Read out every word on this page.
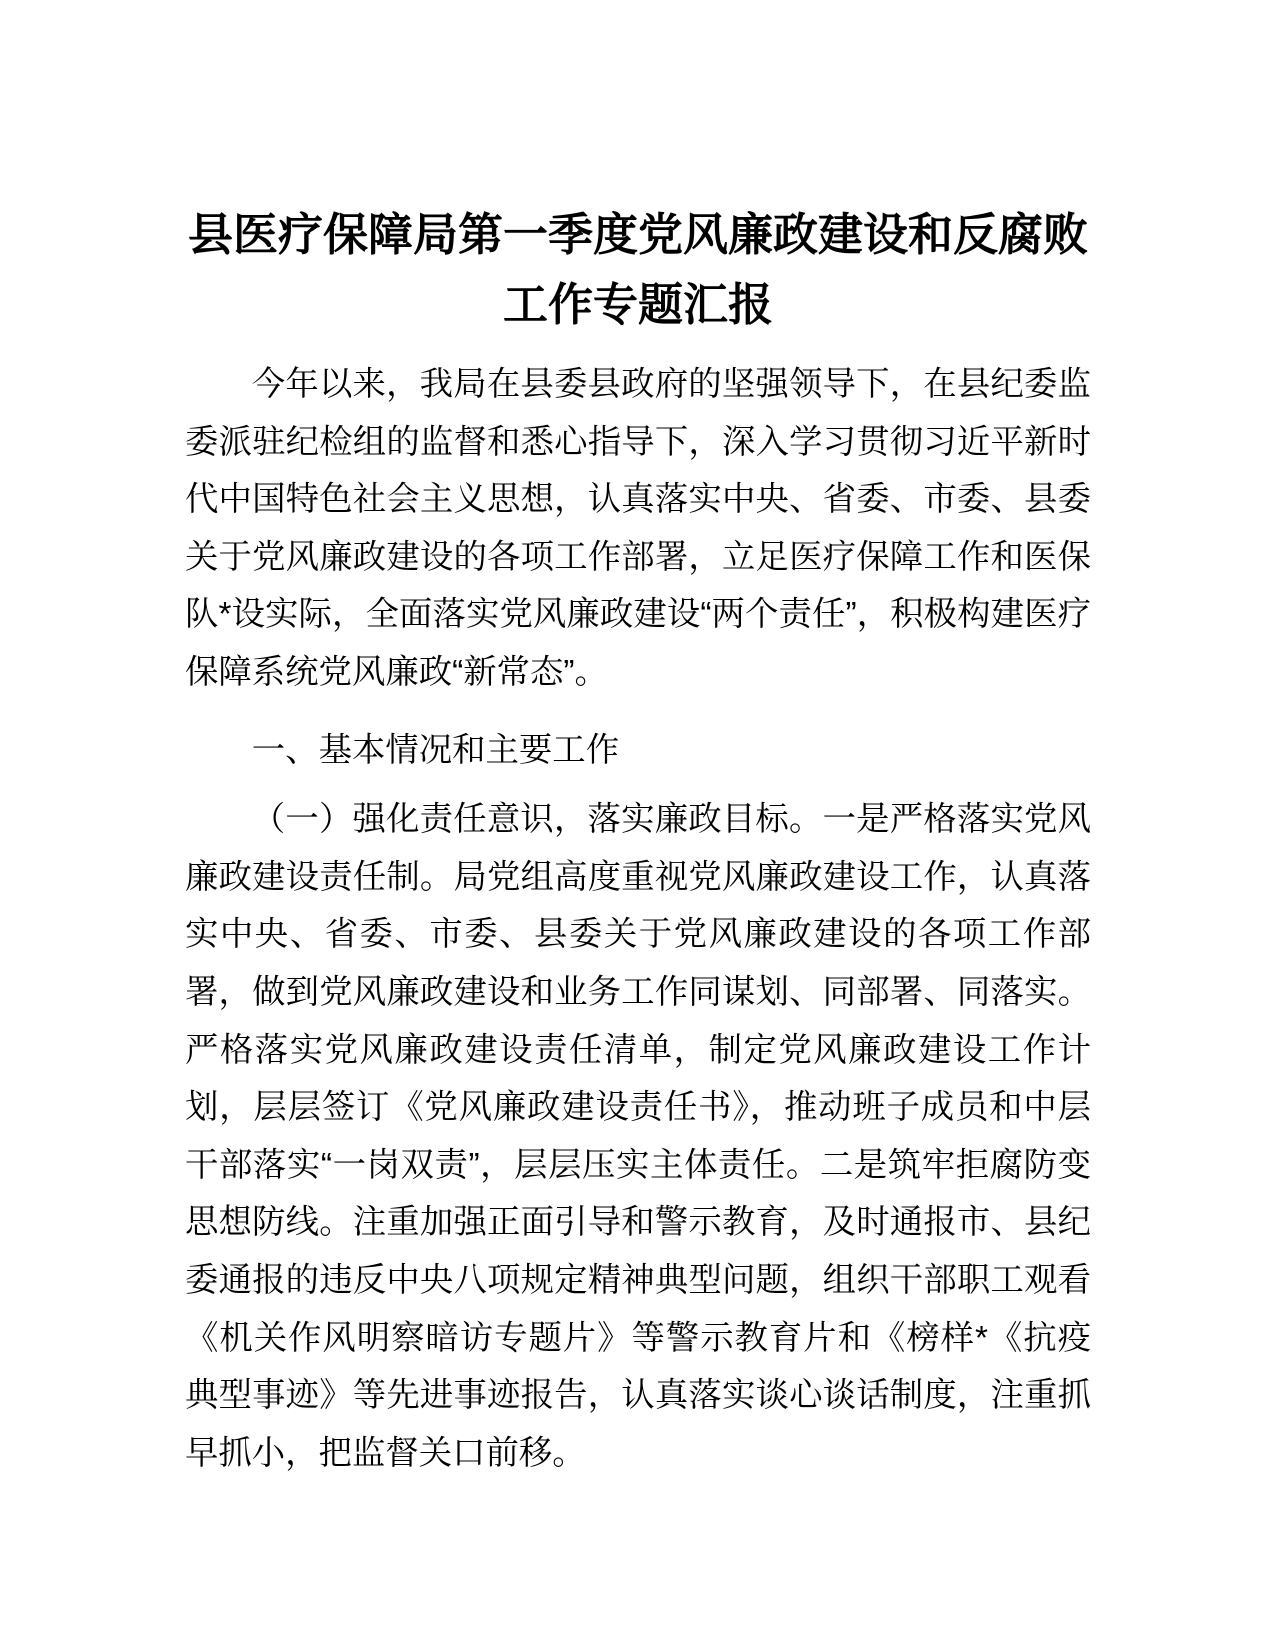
县医疗保障局第一季度党风廉政建设和反腐败工作专题汇报

今年以来，我局在县委县政府的坚强领导下，在县纪委监委派驻纪检组的监督和悉心指导下，深入学习贯彻习近平新时代中国特色社会主义思想，认真落实中央、省委、市委、县委关于党风廉政建设的各项工作部署，立足医疗保障工作和医保队*设实际，全面落实党风廉政建设“两个责任”，积极构建医疗保障系统党风廉政“新常态”。

一、基本情况和主要工作

（一）强化责任意识，落实廉政目标。一是严格落实党风廉政建设责任制。局党组高度重视党风廉政建设工作，认真落实中央、省委、市委、县委关于党风廉政建设的各项工作部署，做到党风廉政建设和业务工作同谋划、同部署、同落实。严格落实党风廉政建设责任清单，制定党风廉政建设工作计划，层层签订《党风廉政建设责任书》，推动班子成员和中层干部落实“一岗双责”，层层压实主体责任。二是筑牢拒腐防变思想防线。注重加强正面引导和警示教育，及时通报市、县纪委通报的违反中央八项规定精神典型问题，组织干部职工观看《机关作风明察暗访专题片》等警示教育片和《榜样*《抗疫典型事迹》等先进事迹报告，认真落实谈心谈话制度，注重抓早抓小，把监督关口前移。
